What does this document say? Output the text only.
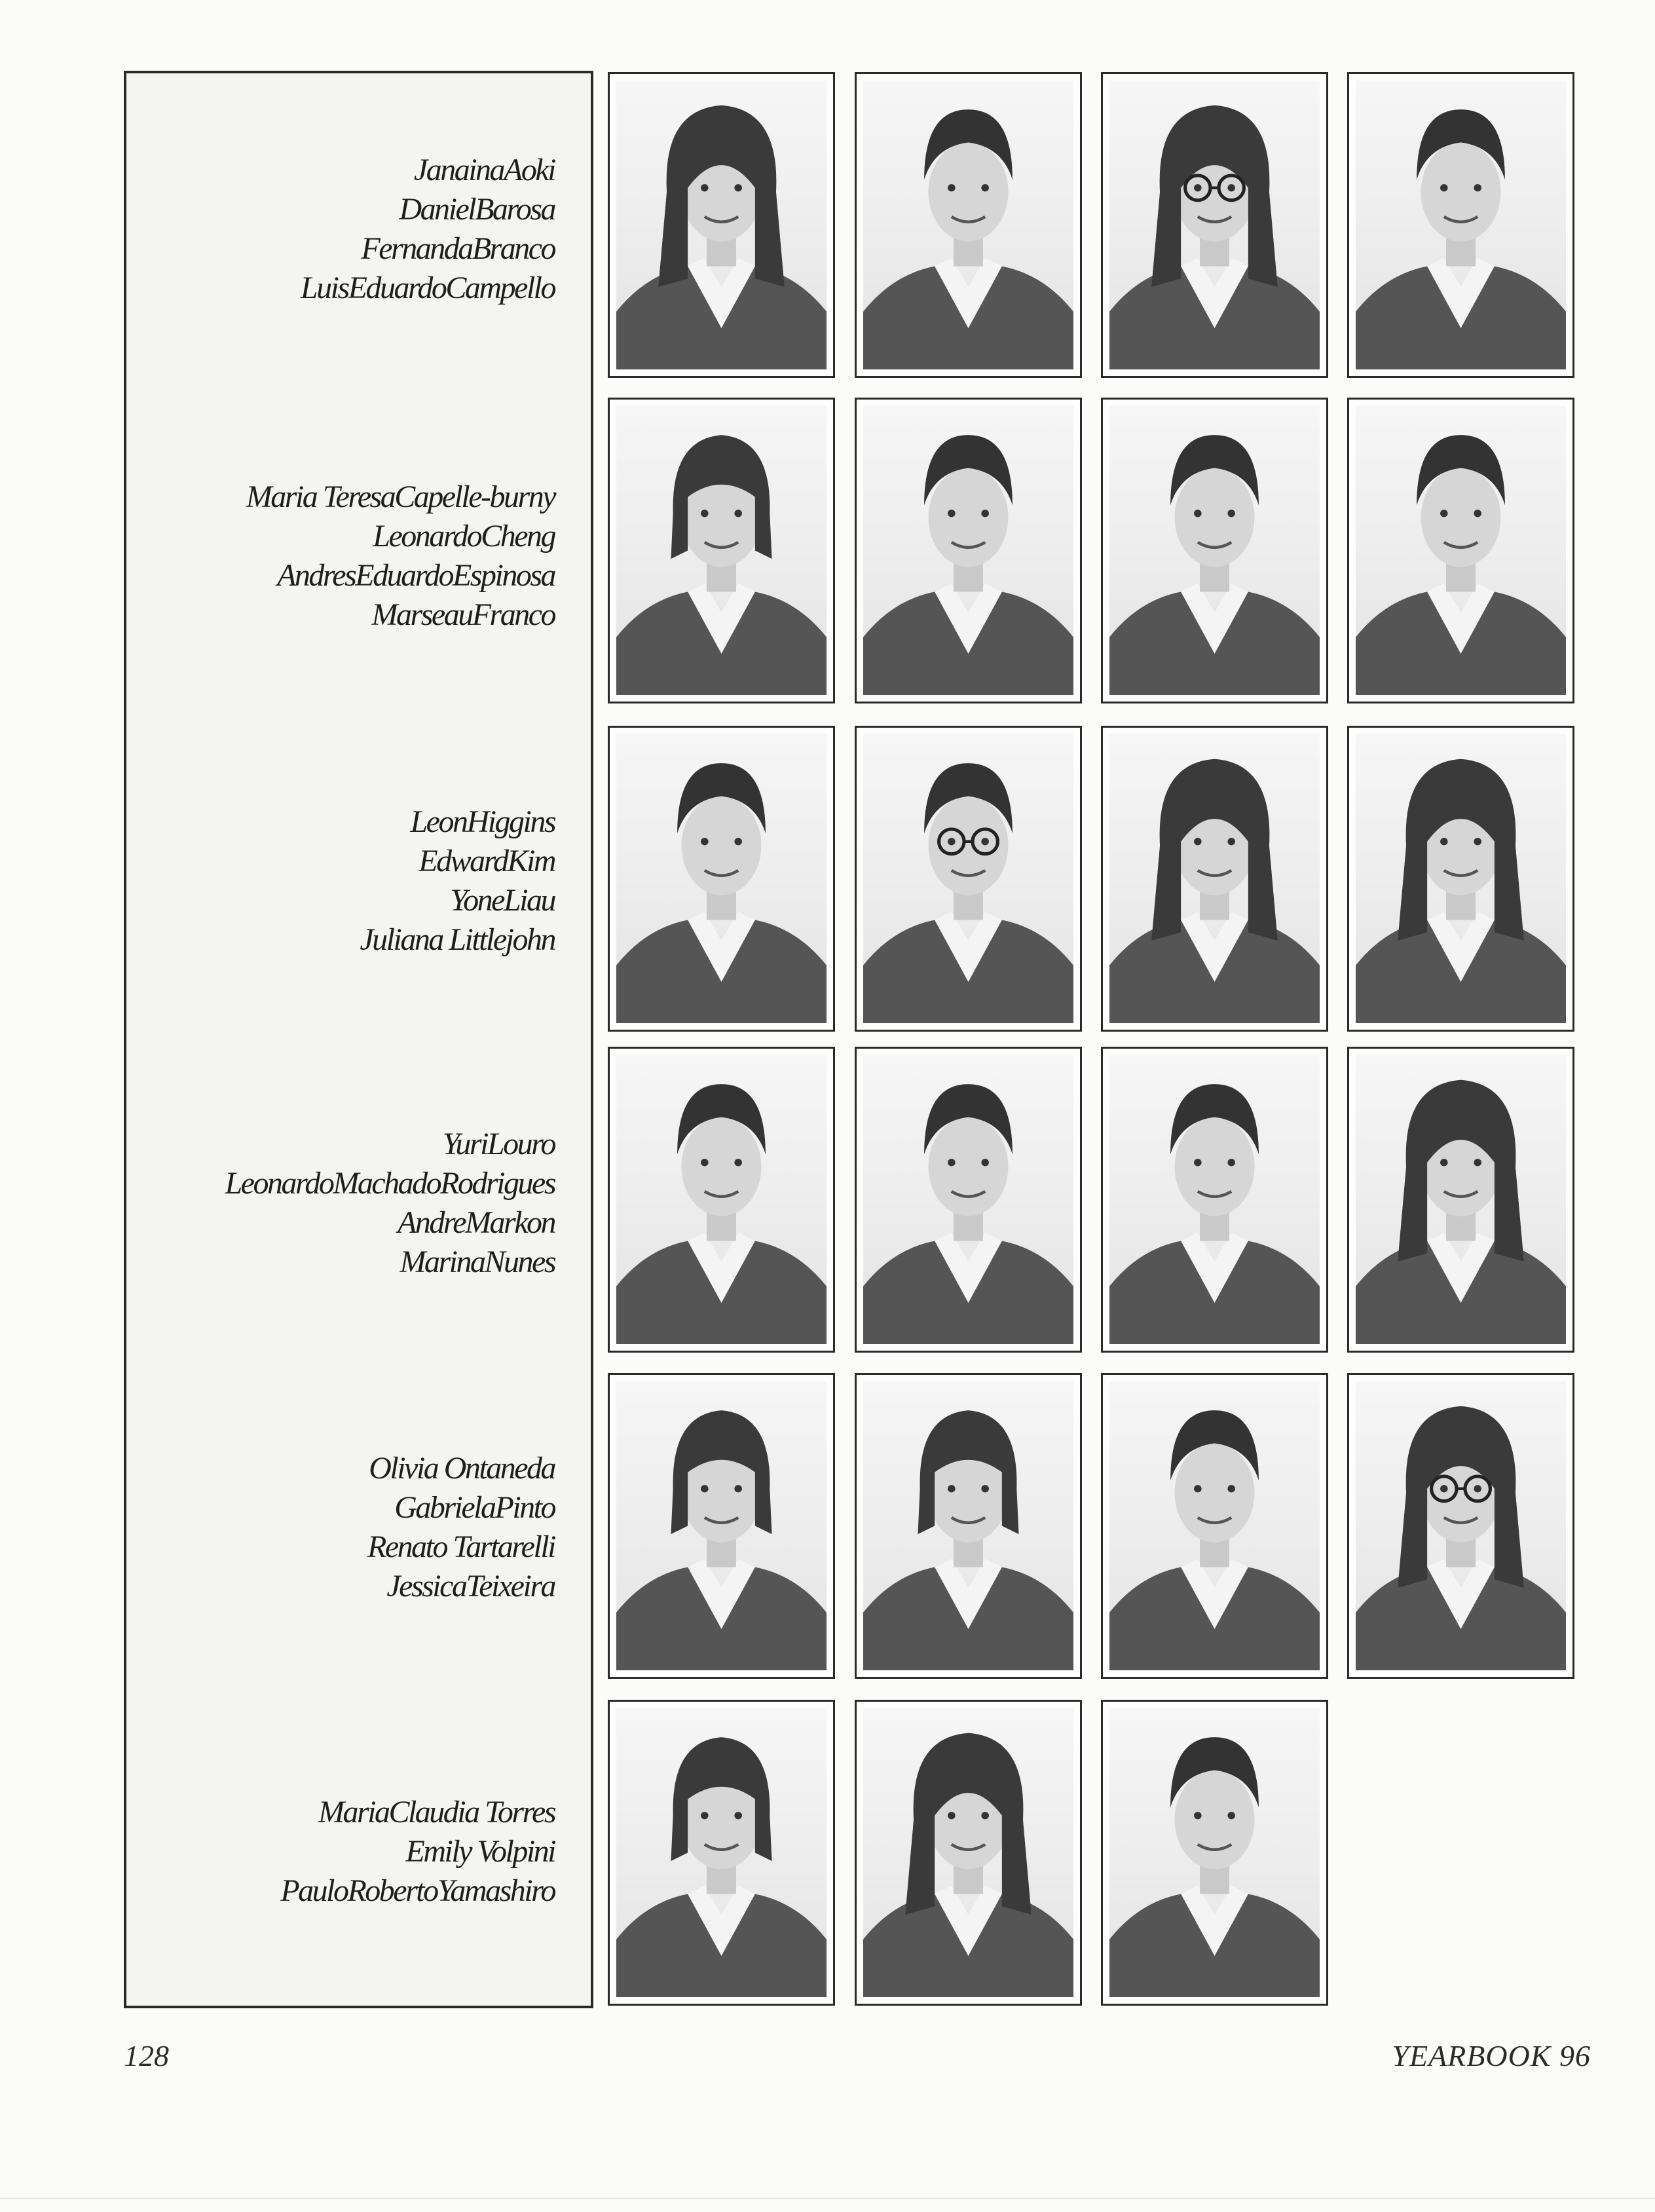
JanainaAoki
DanielBarosa
FernandaBranco
LuisEduardoCampello
Maria TeresaCapelle-burny
LeonardoCheng
AndresEduardoEspinosa
MarseauFranco
LeonHiggins
EdwardKim
YoneLiau
Juliana Littlejohn
YuriLouro
LeonardoMachadoRodrigues
AndreMarkon
MarinaNunes
Olivia Ontaneda
GabrielaPinto
Renato Tartarelli
JessicaTeixeira
MariaClaudia Torres
Emily Volpini
PauloRobertoYamashiro
128	YEARBOOK 96
